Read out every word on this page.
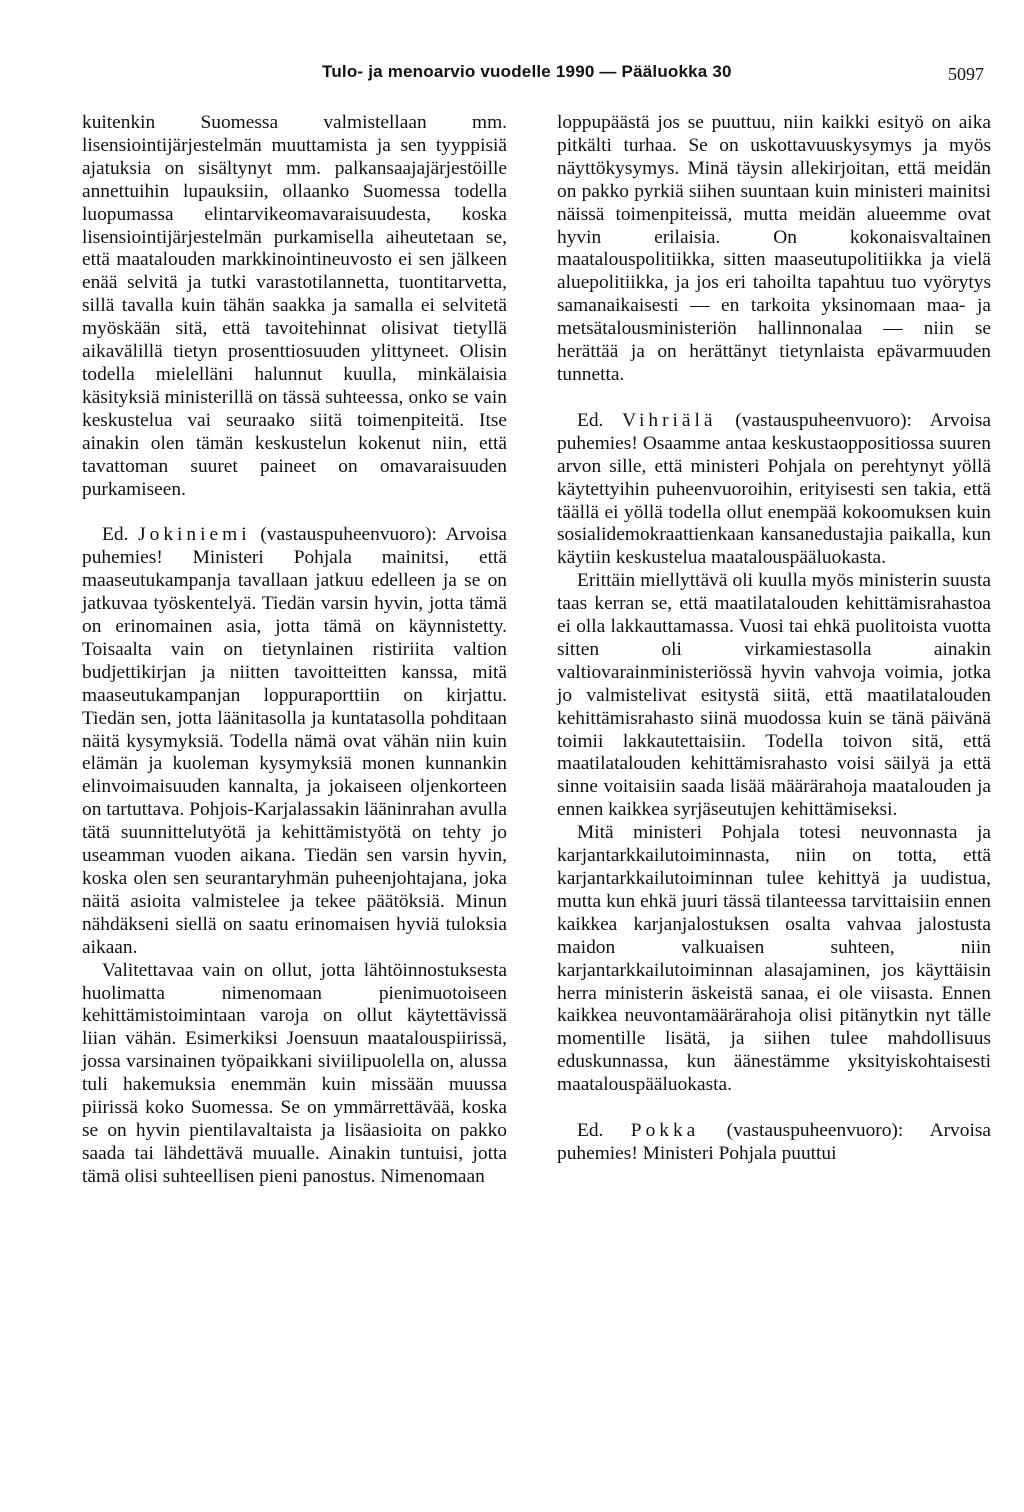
Tulo- ja menoarvio vuodelle 1990 — Pääluokka 30	5097

kuitenkin Suomessa valmistellaan mm. lisensiointijärjestelmän muuttamista ja sen tyyppisiä ajatuksia on sisältynyt mm. palkansaajajärjestöille annettuihin lupauksiin, ollaanko Suomessa todella luopumassa elintarvikeomavaraisuudesta, koska lisensiointijärjestelmän purkamisella aiheutetaan se, että maatalouden markkinointineuvosto ei sen jälkeen enää selvitä ja tutki varastotilannetta, tuontitarvetta, sillä tavalla kuin tähän saakka ja samalla ei selvitetä myöskään sitä, että tavoitehinnat olisivat tietyllä aikavälillä tietyn prosenttiosuuden ylittyneet. Olisin todella mielelläni halunnut kuulla, minkälaisia käsityksiä ministerillä on tässä suhteessa, onko se vain keskustelua vai seuraako siitä toimenpiteitä. Itse ainakin olen tämän keskustelun kokenut niin, että tavattoman suuret paineet on omavaraisuuden purkamiseen.

Ed. Jokiniemi (vastauspuheenvuoro): Arvoisa puhemies! Ministeri Pohjala mainitsi, että maaseutukampanja tavallaan jatkuu edelleen ja se on jatkuvaa työskentelyä. Tiedän varsin hyvin, jotta tämä on erinomainen asia, jotta tämä on käynnistetty. Toisaalta vain on tietynlainen ristiriita valtion budjettikirjan ja niitten tavoitteitten kanssa, mitä maaseutukampanjan loppuraporttiin on kirjattu. Tiedän sen, jotta läänitasolla ja kuntatasolla pohditaan näitä kysymyksiä. Todella nämä ovat vähän niin kuin elämän ja kuoleman kysymyksiä monen kunnankin elinvoimaisuuden kannalta, ja jokaiseen oljenkorteen on tartuttava. Pohjois-Karjalassakin lääninrahan avulla tätä suunnittelutyötä ja kehittämistyötä on tehty jo useamman vuoden aikana. Tiedän sen varsin hyvin, koska olen sen seurantaryhmän puheenjohtajana, joka näitä asioita valmistelee ja tekee päätöksiä. Minun nähdäkseni siellä on saatu erinomaisen hyviä tuloksia aikaan.

Valitettavaa vain on ollut, jotta lähtöinnostuksesta huolimatta nimenomaan pienimuotoiseen kehittämistoimintaan varoja on ollut käytettävissä liian vähän. Esimerkiksi Joensuun maatalouspiirissä, jossa varsinainen työpaikkani siviilipuolella on, alussa tuli hakemuksia enemmän kuin missään muussa piirissä koko Suomessa. Se on ymmärrettävää, koska se on hyvin pientilavaltaista ja lisäasioita on pakko saada tai lähdettävä muualle. Ainakin tuntuisi, jotta tämä olisi suhteellisen pieni panostus. Nimenomaan

loppupäästä jos se puuttuu, niin kaikki esityö on aika pitkälti turhaa. Se on uskottavuuskysymys ja myös näyttökysymys. Minä täysin allekirjoitan, että meidän on pakko pyrkiä siihen suuntaan kuin ministeri mainitsi näissä toimenpiteissä, mutta meidän alueemme ovat hyvin erilaisia. On kokonaisvaltainen maatalouspolitiikka, sitten maaseutupolitiikka ja vielä aluepolitiikka, ja jos eri tahoilta tapahtuu tuo vyörytys samanaikaisesti — en tarkoita yksinomaan maa- ja metsätalousministeriön hallinnonalaa — niin se herättää ja on herättänyt tietynlaista epävarmuuden tunnetta.

Ed. Vihriälä (vastauspuheenvuoro): Arvoisa puhemies! Osaamme antaa keskustaoppositiossa suuren arvon sille, että ministeri Pohjala on perehtynyt yöllä käytettyihin puheenvuoroihin, erityisesti sen takia, että täällä ei yöllä todella ollut enempää kokoomuksen kuin sosialidemokraattienkaan kansanedustajia paikalla, kun käytiin keskustelua maatalouspääluokasta.

Erittäin miellyttävä oli kuulla myös ministerin suusta taas kerran se, että maatilatalouden kehittämisrahastoa ei olla lakkauttamassa. Vuosi tai ehkä puolitoista vuotta sitten oli virkamiestasolla ainakin valtiovarainministeriössä hyvin vahvoja voimia, jotka jo valmistelivat esitystä siitä, että maatilatalouden kehittämisrahasto siinä muodossa kuin se tänä päivänä toimii lakkautettaisiin. Todella toivon sitä, että maatilatalouden kehittämisrahasto voisi säilyä ja että sinne voitaisiin saada lisää määrärahoja maatalouden ja ennen kaikkea syrjäseutujen kehittämiseksi.

Mitä ministeri Pohjala totesi neuvonnasta ja karjantarkkailutoiminnasta, niin on totta, että karjantarkkailutoiminnan tulee kehittyä ja uudistua, mutta kun ehkä juuri tässä tilanteessa tarvittaisiin ennen kaikkea karjanjalostuksen osalta vahvaa jalostusta maidon valkuaisen suhteen, niin karjantarkkailutoiminnan alasajaminen, jos käyttäisin herra ministerin äskeistä sanaa, ei ole viisasta. Ennen kaikkea neuvontamäärärahoja olisi pitänytkin nyt tälle momentille lisätä, ja siihen tulee mahdollisuus eduskunnassa, kun äänestämme yksityiskohtaisesti maatalouspääluokasta.

Ed. Pokka (vastauspuheenvuoro): Arvoisa puhemies! Ministeri Pohjala puuttui
